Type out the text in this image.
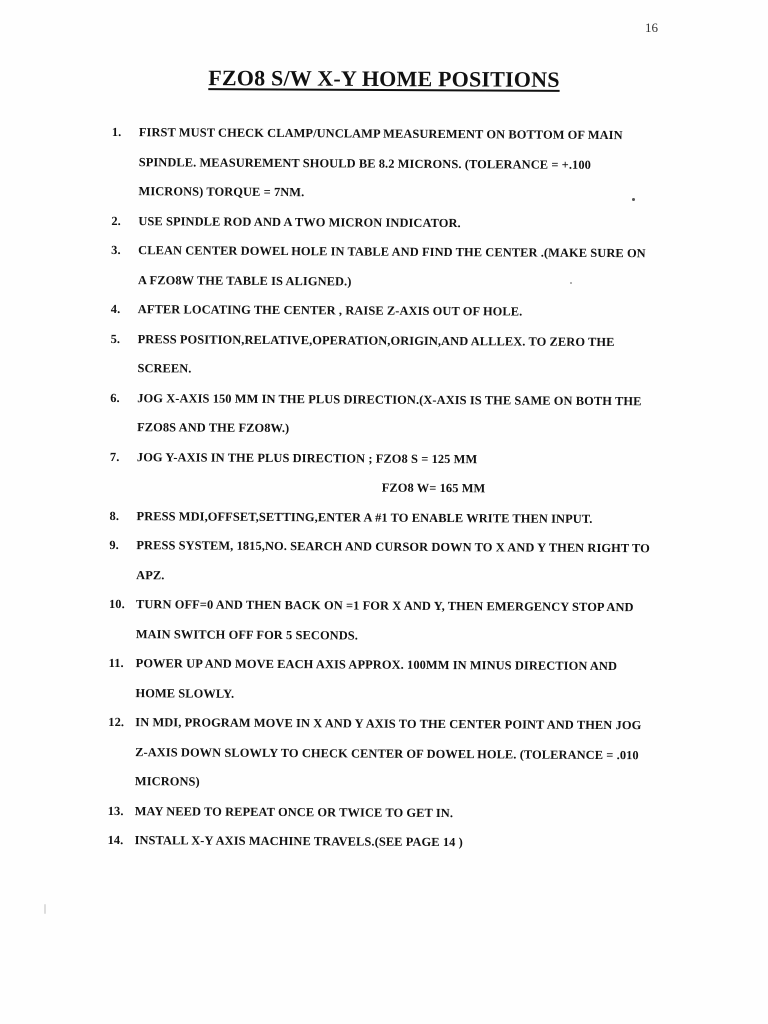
16
FZO8 S/W X-Y HOME POSITIONS
1.	FIRST MUST CHECK CLAMP/UNCLAMP MEASUREMENT ON BOTTOM OF MAIN
SPINDLE. MEASUREMENT SHOULD BE 8.2 MICRONS. (TOLERANCE = +.100
MICRONS) TORQUE = 7NM.
2.	USE SPINDLE ROD AND A TWO MICRON INDICATOR.
3.	CLEAN CENTER DOWEL HOLE IN TABLE AND FIND THE CENTER .(MAKE SURE ON
A FZO8W THE TABLE IS ALIGNED.)
4.	AFTER LOCATING THE CENTER , RAISE Z-AXIS OUT OF HOLE.
5.	PRESS POSITION,RELATIVE,OPERATION,ORIGIN,AND ALLLEX. TO ZERO THE
SCREEN.
6.	JOG X-AXIS 150 MM IN THE PLUS DIRECTION.(X-AXIS IS THE SAME ON BOTH THE
FZO8S AND THE FZO8W.)
7.	JOG Y-AXIS IN THE PLUS DIRECTION ; FZO8 S = 125 MM
FZO8 W= 165 MM
8.	PRESS MDI,OFFSET,SETTING,ENTER A #1 TO ENABLE WRITE THEN INPUT.
9.	PRESS SYSTEM, 1815,NO. SEARCH AND CURSOR DOWN TO X AND Y THEN RIGHT TO
APZ.
10. TURN OFF=0 AND THEN BACK ON =1 FOR X AND Y, THEN EMERGENCY STOP AND
MAIN SWITCH OFF FOR 5 SECONDS.
11. POWER UP AND MOVE EACH AXIS APPROX. 100MM IN MINUS DIRECTION AND
HOME SLOWLY.
12. IN MDI, PROGRAM MOVE IN X AND Y AXIS TO THE CENTER POINT AND THEN JOG
Z-AXIS DOWN SLOWLY TO CHECK CENTER OF DOWEL HOLE. (TOLERANCE = .010
MICRONS)
13. MAY NEED TO REPEAT ONCE OR TWICE TO GET IN.
14. INSTALL X-Y AXIS MACHINE TRAVELS.(SEE PAGE 14 )
